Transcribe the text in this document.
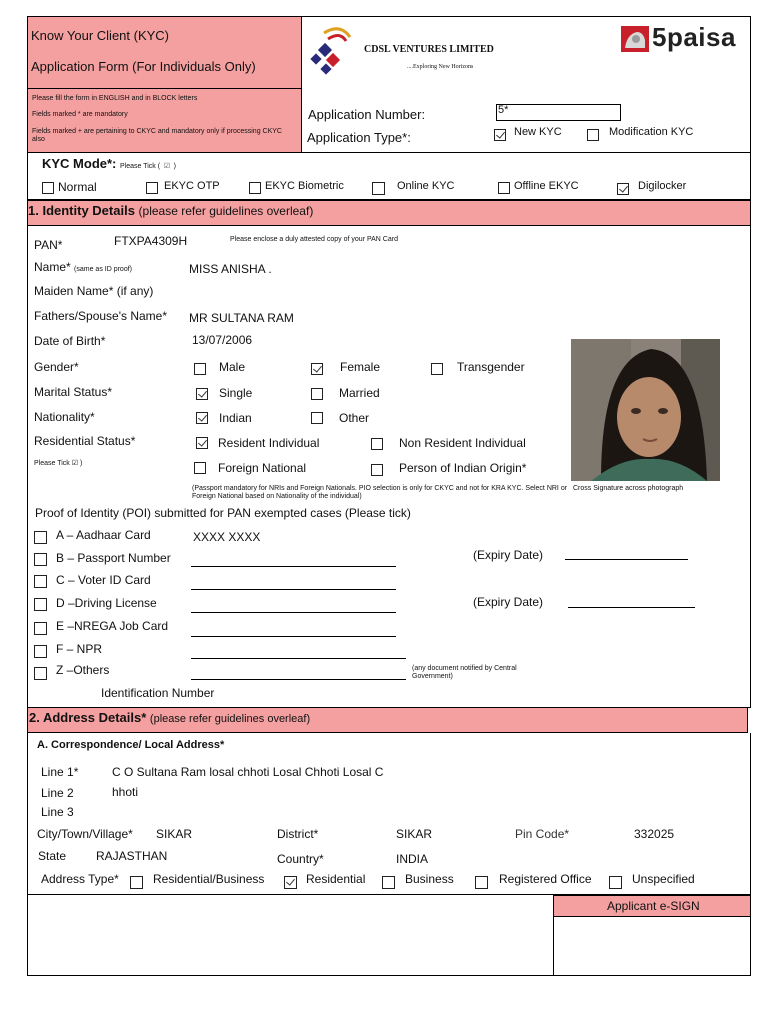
Know Your Client (KYC)
Application Form (For Individuals Only)
Please fill the form in ENGLISH and in BLOCK letters
Fields marked * are mandatory
Fields marked + are pertaining to CKYC and mandatory only if processing CKYC also
CDSL VENTURES LIMITED
....Exploring New Horizons
5paisa
Application Number:	5*
Application Type*:	New KYC	Modification KYC
KYC Mode*: Please Tick ( ☑ )
Normal	EKYC OTP	EKYC Biometric	Online KYC	Offline EKYC	Digilocker
1. Identity Details (please refer guidelines overleaf)
PAN*	FTXPA4309H	Please enclose a duly attested copy of your PAN Card
Name* (same as ID proof)	MISS ANISHA .
Maiden Name* (if any)
Fathers/Spouse's Name* MR SULTANA RAM
Date of Birth*	13/07/2006
Gender*	Male	Female	Transgender
Marital Status*	Single	Married
Nationality*	Indian	Other
Residential Status*
Please Tick ☑ )
Resident Individual	Non Resident Individual
Foreign National	Person of Indian Origin*
(Passport mandatory for NRIs and Foreign Nationals. PIO selection is only for CKYC and not for KRA KYC. Select NRI or Foreign National based on Nationality of the individual)
Cross Signature across photograph
Proof of Identity (POI) submitted for PAN exempted cases (Please tick)
A – Aadhaar Card	XXXX XXXX
B – Passport Number	(Expiry Date)
C – Voter ID Card
D –Driving License	(Expiry Date)
E –NREGA Job Card
F – NPR
Z –Others	(any document notified by Central Government)
Identification Number
2. Address Details* (please refer guidelines overleaf)
A. Correspondence/ Local Address*
Line 1*	C O Sultana Ram losal chhoti Losal Chhoti Losal C
Line 2	hhoti
Line 3
City/Town/Village* SIKAR	District*	SIKAR	Pin Code*	332025
State RAJASTHAN	Country*	INDIA
Address Type*	Residential/Business	Residential	Business	Registered Office	Unspecified
Applicant e-SIGN
